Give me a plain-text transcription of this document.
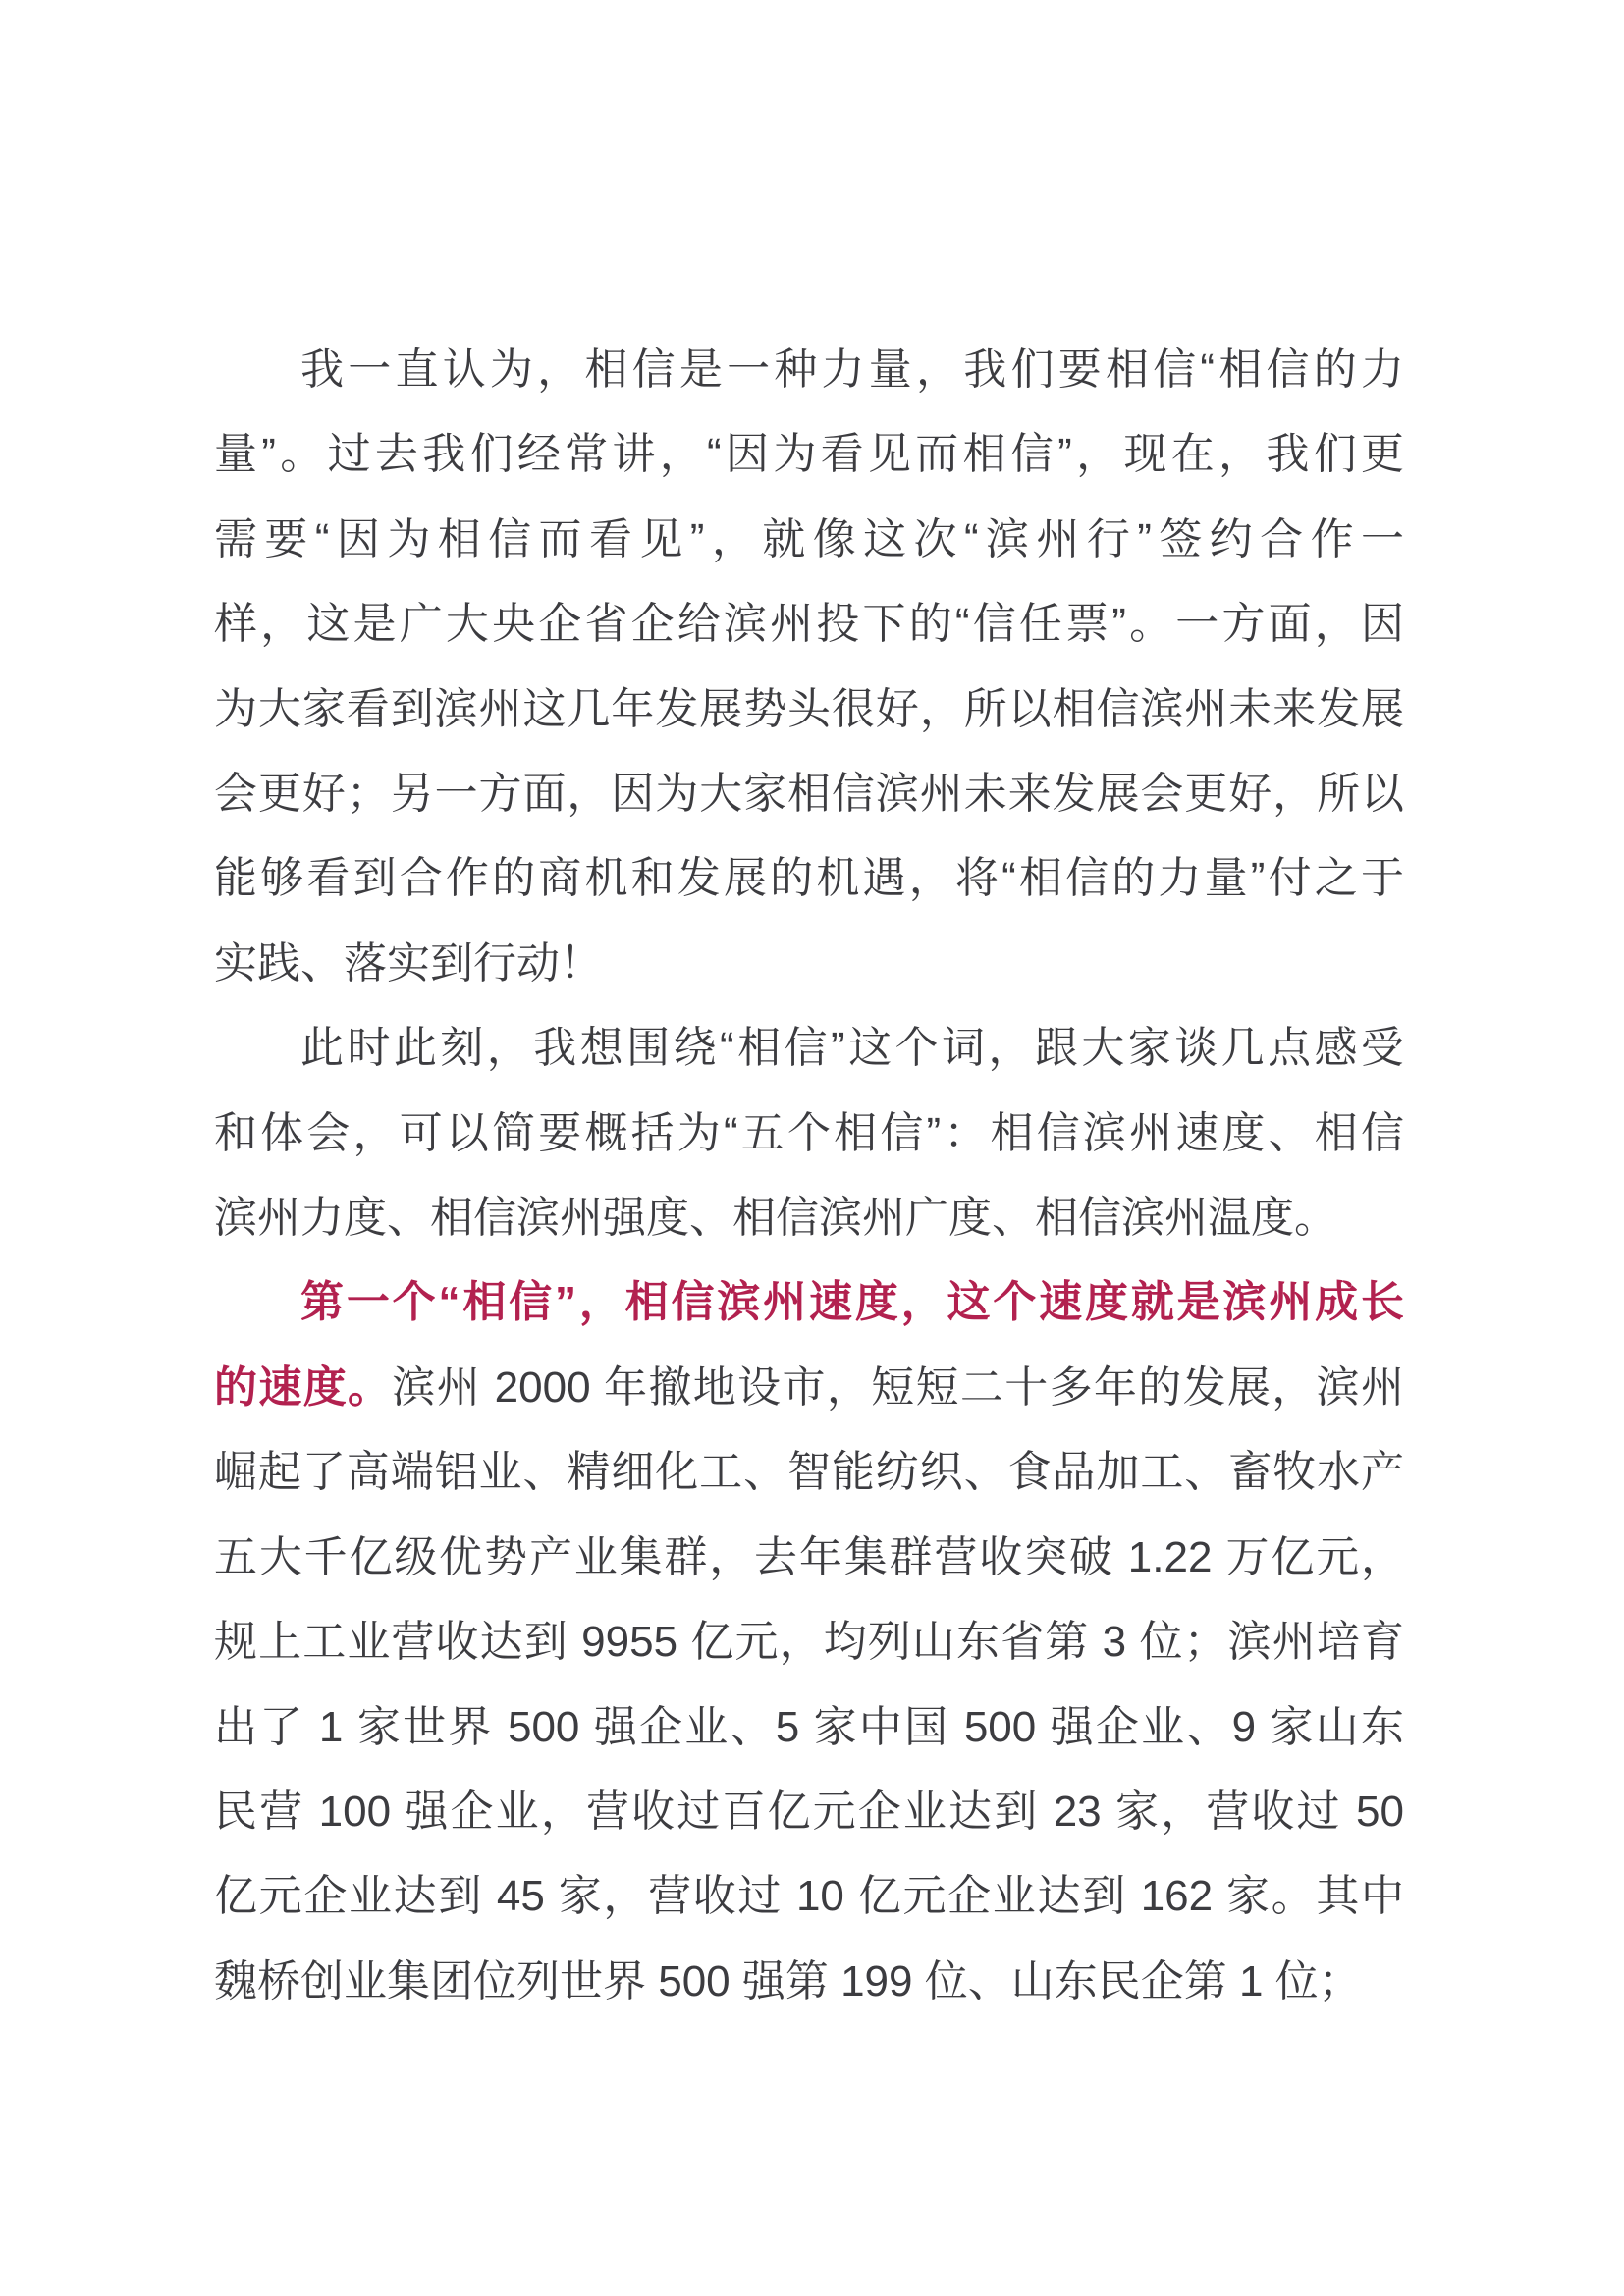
我一直认为，相信是一种力量，我们要相信“相信的力
量”。过去我们经常讲，“因为看见而相信”，现在，我们更
需要“因为相信而看见”，就像这次“滨州行”签约合作一
样，这是广大央企省企给滨州投下的“信任票”。一方面，因
为大家看到滨州这几年发展势头很好，所以相信滨州未来发展
会更好；另一方面，因为大家相信滨州未来发展会更好，所以
能够看到合作的商机和发展的机遇，将“相信的力量”付之于
实践、落实到行动！
此时此刻，我想围绕“相信”这个词，跟大家谈几点感受
和体会，可以简要概括为“五个相信”：相信滨州速度、相信
滨州力度、相信滨州强度、相信滨州广度、相信滨州温度。
第一个“相信”，相信滨州速度，这个速度就是滨州成长
的速度。滨州 2000 年撤地设市，短短二十多年的发展，滨州
崛起了高端铝业、精细化工、智能纺织、食品加工、畜牧水产
五大千亿级优势产业集群，去年集群营收突破 1.22 万亿元，
规上工业营收达到 9955 亿元，均列山东省第 3 位；滨州培育
出了 1 家世界 500 强企业、5 家中国 500 强企业、9 家山东
民营 100 强企业，营收过百亿元企业达到 23 家，营收过 50
亿元企业达到 45 家，营收过 10 亿元企业达到 162 家。其中
魏桥创业集团位列世界 500 强第 199 位、山东民企第 1 位；
